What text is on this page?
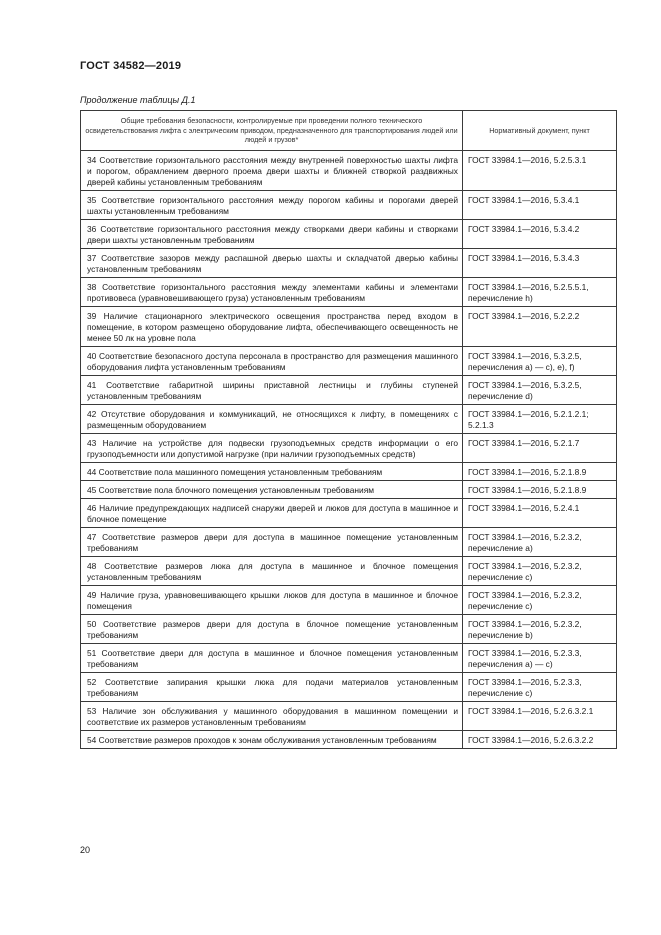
ГОСТ 34582—2019
Продолжение таблицы Д.1
Общие требования безопасности, контролируемые при проведении полного технического освидетельствования лифта с электрическим приводом, предназначенного для транспортирования людей или людей и грузов*	Нормативный документ, пункт
34 Соответствие горизонтального расстояния между внутренней поверхностью шахты лифта и порогом, обрамлением дверного проема двери шахты и ближней створкой раздвижных дверей кабины установленным требованиям	ГОСТ 33984.1—2016, 5.2.5.3.1
35 Соответствие горизонтального расстояния между порогом кабины и порогами дверей шахты установленным требованиям	ГОСТ 33984.1—2016, 5.3.4.1
36 Соответствие горизонтального расстояния между створками двери кабины и створками двери шахты установленным требованиям	ГОСТ 33984.1—2016, 5.3.4.2
37 Соответствие зазоров между распашной дверью шахты и складчатой дверью кабины установленным требованиям	ГОСТ 33984.1—2016, 5.3.4.3
38 Соответствие горизонтального расстояния между элементами кабины и элементами противовеса (уравновешивающего груза) установленным требованиям	ГОСТ 33984.1—2016, 5.2.5.5.1, перечисление h)
39 Наличие стационарного электрического освещения пространства перед входом в помещение, в котором размещено оборудование лифта, обеспечивающего освещенность не менее 50 лк на уровне пола	ГОСТ 33984.1—2016, 5.2.2.2
40 Соответствие безопасного доступа персонала в пространство для размещения машинного оборудования лифта установленным требованиям	ГОСТ 33984.1—2016, 5.3.2.5, перечисления a) — c), e), f)
41 Соответствие габаритной ширины приставной лестницы и глубины ступеней установленным требованиям	ГОСТ 33984.1—2016, 5.3.2.5, перечисление d)
42 Отсутствие оборудования и коммуникаций, не относящихся к лифту, в помещениях с размещенным оборудованием	ГОСТ 33984.1—2016, 5.2.1.2.1; 5.2.1.3
43 Наличие на устройстве для подвески грузоподъемных средств информации о его грузоподъемности или допустимой нагрузке (при наличии грузоподъемных средств)	ГОСТ 33984.1—2016, 5.2.1.7
44 Соответствие пола машинного помещения установленным требованиям	ГОСТ 33984.1—2016, 5.2.1.8.9
45 Соответствие пола блочного помещения установленным требованиям	ГОСТ 33984.1—2016, 5.2.1.8.9
46 Наличие предупреждающих надписей снаружи дверей и люков для доступа в машинное и блочное помещение	ГОСТ 33984.1—2016, 5.2.4.1
47 Соответствие размеров двери для доступа в машинное помещение установленным требованиям	ГОСТ 33984.1—2016, 5.2.3.2, перечисление a)
48 Соответствие размеров люка для доступа в машинное и блочное помещения установленным требованиям	ГОСТ 33984.1—2016, 5.2.3.2, перечисление c)
49 Наличие груза, уравновешивающего крышки люков для доступа в машинное и блочное помещения	ГОСТ 33984.1—2016, 5.2.3.2, перечисление c)
50 Соответствие размеров двери для доступа в блочное помещение установленным требованиям	ГОСТ 33984.1—2016, 5.2.3.2, перечисление b)
51 Соответствие двери для доступа в машинное и блочное помещения установленным требованиям	ГОСТ 33984.1—2016, 5.2.3.3, перечисления a) — c)
52 Соответствие запирания крышки люка для подачи материалов установленным требованиям	ГОСТ 33984.1—2016, 5.2.3.3, перечисление c)
53 Наличие зон обслуживания у машинного оборудования в машинном помещении и соответствие их размеров установленным требованиям	ГОСТ 33984.1—2016, 5.2.6.3.2.1
54 Соответствие размеров проходов к зонам обслуживания установленным требованиям	ГОСТ 33984.1—2016, 5.2.6.3.2.2
20
